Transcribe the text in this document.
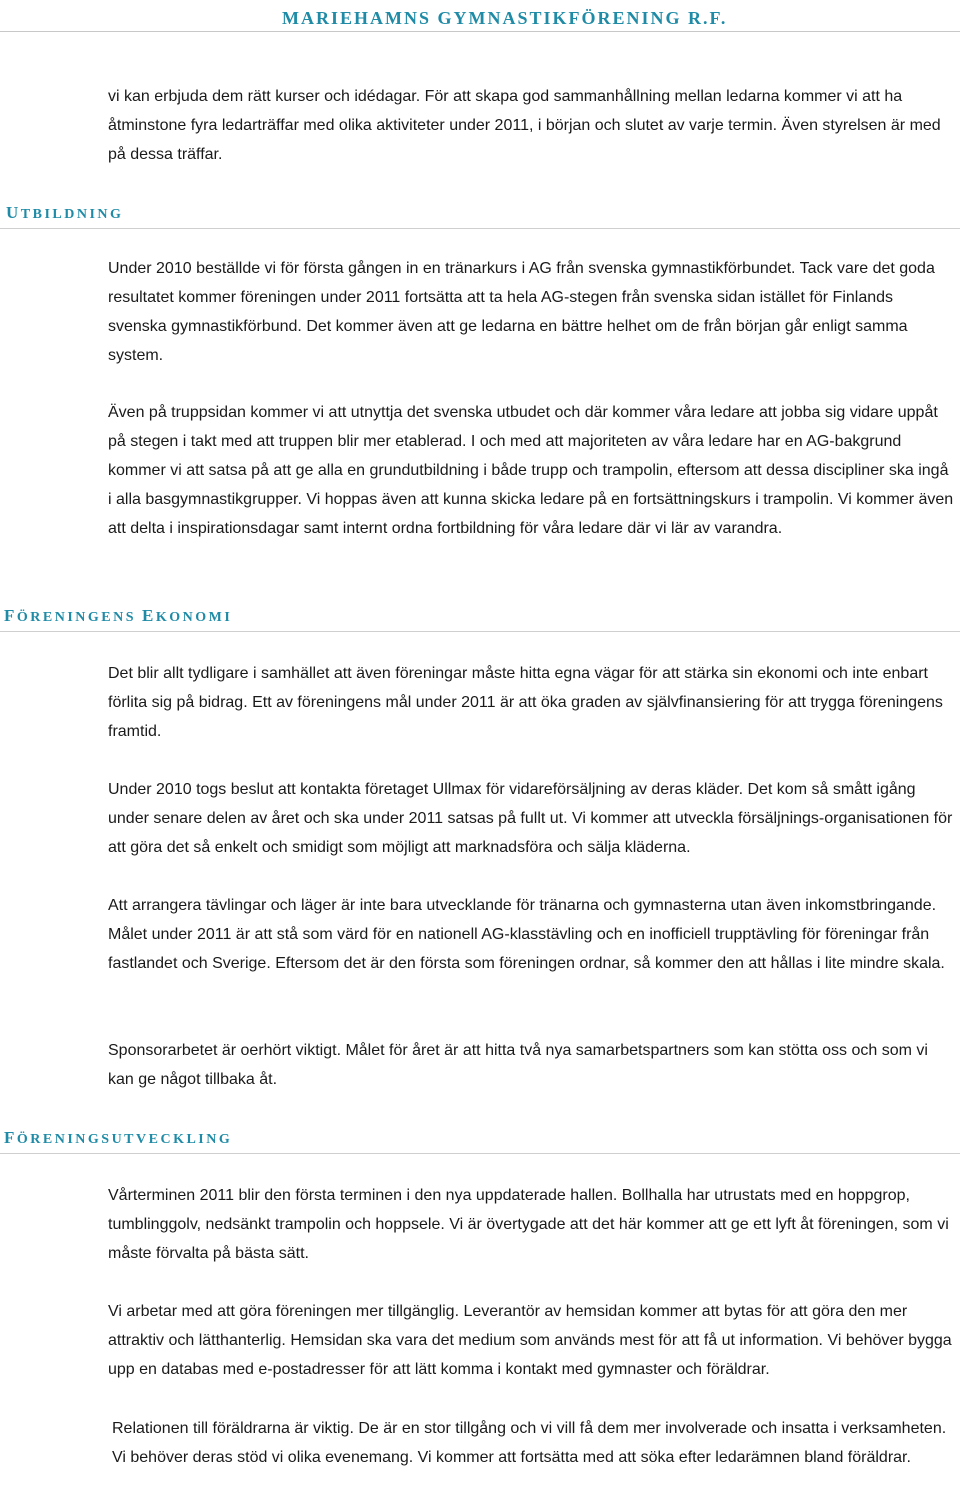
MARIEHAMNS GYMNASTIKFÖRENING R.F.

vi kan erbjuda dem rätt kurser och idédagar. För att skapa god sammanhållning mellan ledarna kommer vi att ha åtminstone fyra ledarträffar med olika aktiviteter under 2011, i början och slutet av varje termin. Även styrelsen är med på dessa träffar.

UTBILDNING

Under 2010 beställde vi för första gången in en tränarkurs i AG från svenska gymnastikförbundet. Tack vare det goda resultatet kommer föreningen under 2011 fortsätta att ta hela AG-stegen från svenska sidan istället för Finlands svenska gymnastikförbund. Det kommer även att ge ledarna en bättre helhet om de från början går enligt samma system.

Även på truppsidan kommer vi att utnyttja det svenska utbudet och där kommer våra ledare att jobba sig vidare uppåt på stegen i takt med att truppen blir mer etablerad. I och med att majoriteten av våra ledare har en AG-bakgrund kommer vi att satsa på att ge alla en grundutbildning i både trupp och trampolin, eftersom att dessa discipliner ska ingå i alla basgymnastikgrupper. Vi hoppas även att kunna skicka ledare på en fortsättningskurs i trampolin. Vi kommer även att delta i inspirationsdagar samt internt ordna fortbildning för våra ledare där vi lär av varandra.

FÖRENINGENS EKONOMI

Det blir allt tydligare i samhället att även föreningar måste hitta egna vägar för att stärka sin ekonomi och inte enbart förlita sig på bidrag. Ett av föreningens mål under 2011 är att öka graden av självfinansiering för att trygga föreningens framtid.

Under 2010 togs beslut att kontakta företaget Ullmax för vidareförsäljning av deras kläder. Det kom så smått igång under senare delen av året och ska under 2011 satsas på fullt ut. Vi kommer att utveckla försäljnings-organisationen för att göra det så enkelt och smidigt som möjligt att marknadsföra och sälja kläderna.

Att arrangera tävlingar och läger är inte bara utvecklande för tränarna och gymnasterna utan även inkomstbringande. Målet under 2011 är att stå som värd för en nationell AG-klasstävling och en inofficiell trupptävling för föreningar från fastlandet och Sverige. Eftersom det är den första som föreningen ordnar, så kommer den att hållas i lite mindre skala.

Sponsorarbetet är oerhört viktigt. Målet för året är att hitta två nya samarbetspartners som kan stötta oss och som vi kan ge något tillbaka åt.

FÖRENINGSUTVECKLING

Vårterminen 2011 blir den första terminen i den nya uppdaterade hallen. Bollhalla har utrustats med en hoppgrop, tumblinggolv, nedsänkt trampolin och hoppsele. Vi är övertygade att det här kommer att ge ett lyft åt föreningen, som vi måste förvalta på bästa sätt.

Vi arbetar med att göra föreningen mer tillgänglig. Leverantör av hemsidan kommer att bytas för att göra den mer attraktiv och lätthanterlig. Hemsidan ska vara det medium som används mest för att få ut information. Vi behöver bygga upp en databas med e-postadresser för att lätt komma i kontakt med gymnaster och föräldrar.

Relationen till föräldrarna är viktig. De är en stor tillgång och vi vill få dem mer involverade och insatta i verksamheten. Vi behöver deras stöd vi olika evenemang. Vi kommer att fortsätta med att söka efter ledarämnen bland föräldrar.
